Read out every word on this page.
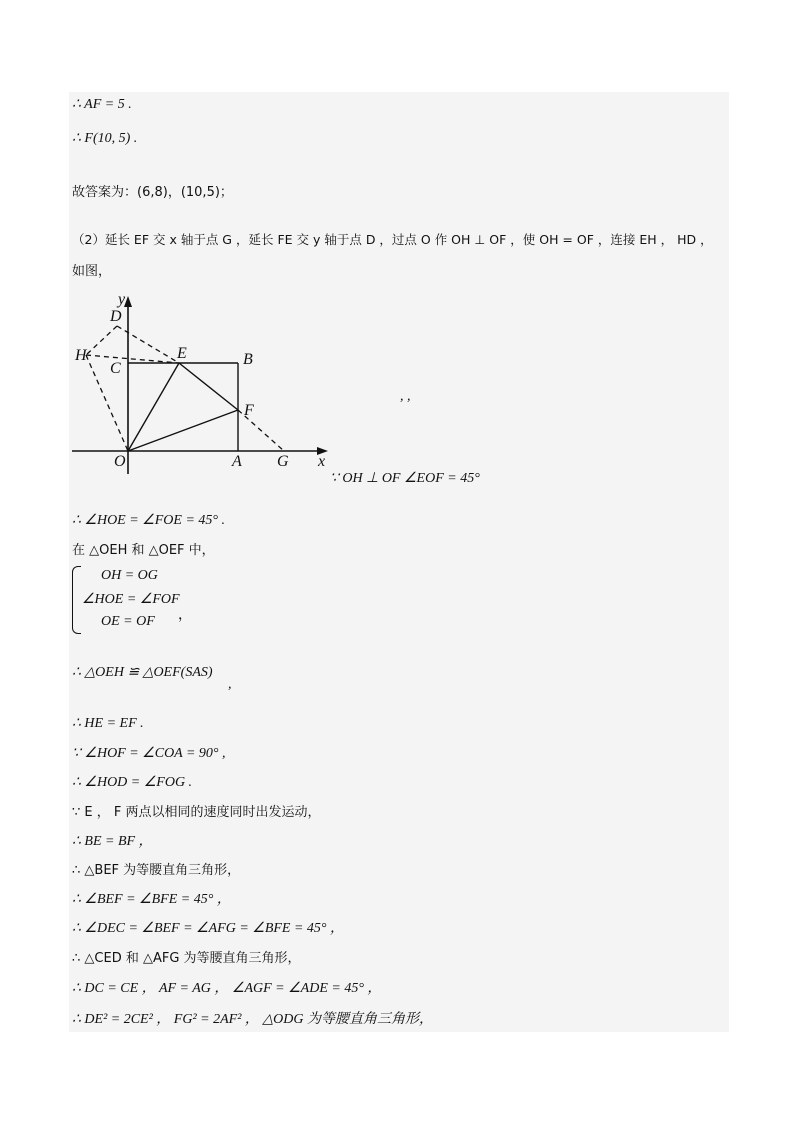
∴ AF = 5 .
∴ F(10, 5) .
故答案为：(6,8)，(10,5)；
（2）延长 EF 交 x 轴于点 G ，延长 FE 交 y 轴于点 D ，过点 O 作 OH ⊥ OF ，使 OH = OF ，连接 EH ， HD ，
如图，
y
D
H	E	B
C
F
O	A G x
, ,
∵ OH ⊥ OF ∠EOF = 45°
∴ ∠HOE = ∠FOE = 45° .
在 △OEH 和 △OEF 中，
OH = OG
∠HOE = ∠FOF
OE = OF ，
∴ △OEH ≌ △OEF(SAS)
,
∴ HE = EF .
∵ ∠HOF = ∠COA = 90° ,
∴ ∠HOD = ∠FOG .
∵ E ， F 两点以相同的速度同时出发运动，
∴ BE = BF ，
∴ △BEF 为等腰直角三角形，
∴ ∠BEF = ∠BFE = 45° ，
∴ ∠DEC = ∠BEF = ∠AFG = ∠BFE = 45° ，
∴ △CED 和 △AFG 为等腰直角三角形，
∴ DC = CE ， AF = AG ， ∠AGF = ∠ADE = 45° ，
∴ DE² = 2CE² ， FG² = 2AF² ， △ODG 为等腰直角三角形，
